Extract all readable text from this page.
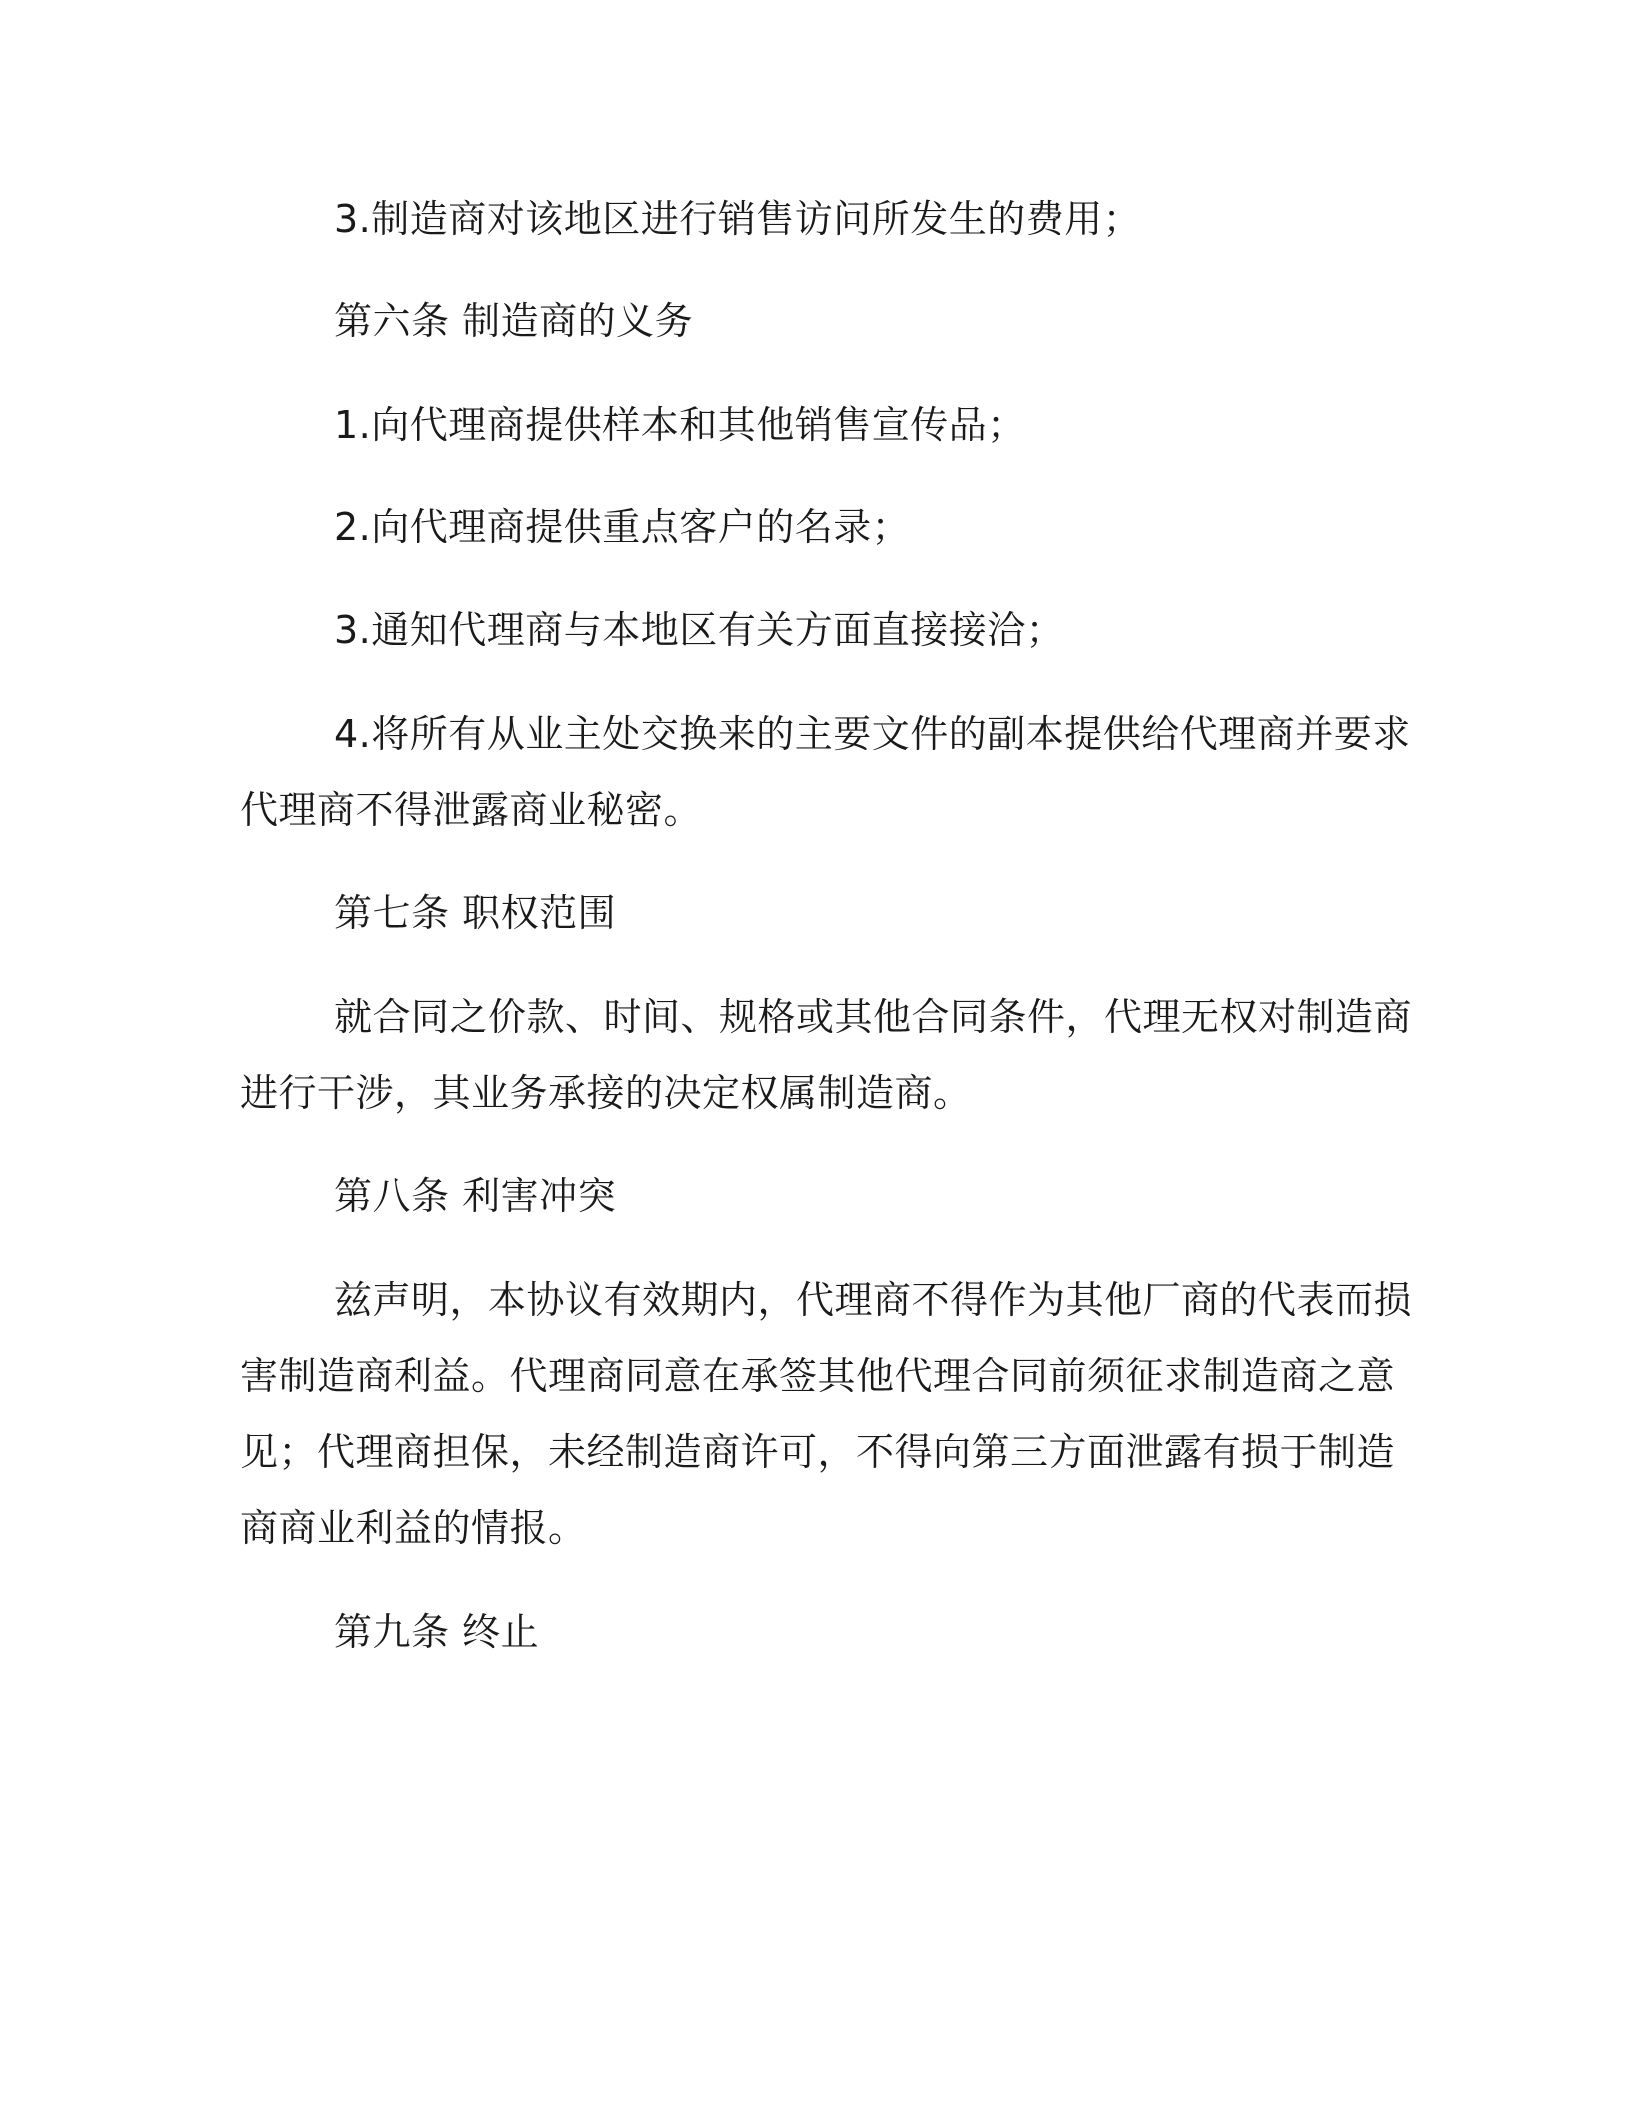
3.制造商对该地区进行销售访问所发生的费用；

第六条 制造商的义务

1.向代理商提供样本和其他销售宣传品；

2.向代理商提供重点客户的名录；

3.通知代理商与本地区有关方面直接接洽；

4.将所有从业主处交换来的主要文件的副本提供给代理商并要求

代理商不得泄露商业秘密。

第七条 职权范围

就合同之价款、时间、规格或其他合同条件，代理无权对制造商

进行干涉，其业务承接的决定权属制造商。

第八条 利害冲突

兹声明，本协议有效期内，代理商不得作为其他厂商的代表而损

害制造商利益。代理商同意在承签其他代理合同前须征求制造商之意

见；代理商担保，未经制造商许可，不得向第三方面泄露有损于制造

商商业利益的情报。

第九条 终止
